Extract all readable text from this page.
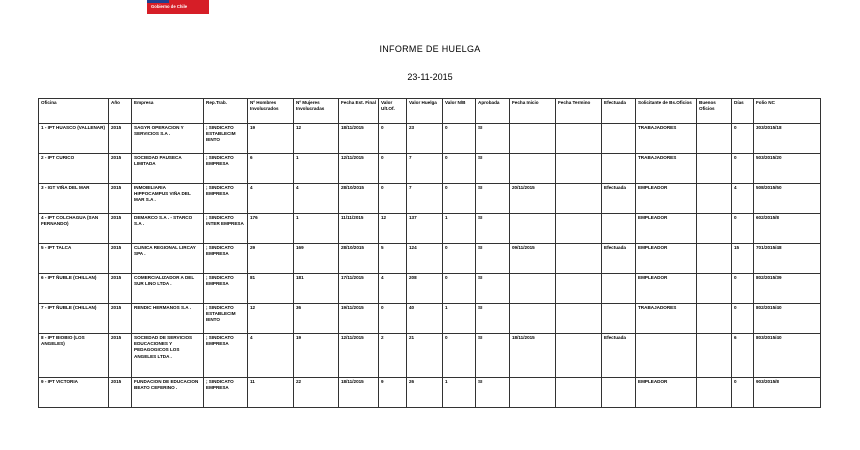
Gobierno de Chile
INFORME DE HUELGA
23-11-2015
Oficina	Año	Empresa	Rep.Trab.	Nº Hombres Involucrados	Nº Mujeres Involucradas	Fecha Est. Final	Valor Ult.Of.	Valor Huelga	Valor N/B	Aprobada	Fecha Inicio	Fecha Termino	Efectuada	Solicitante de Bs.Oficios	Buenos Oficios	Días	Folio NC
1 - IPT HUASCO (VALLENAR)	2015	SAGYR OPERACION Y SERVICIOS S.A .	; SINDICATO ESTABLECIM IENTO	19	12	18/11/2015	0	23	0	SI				TRABAJADORES		0	303/2015/18
2 - IPT CURICO	2015	SOCIEDAD PAUSECA LIMITADA	; SINDICATO EMPRESA	6	1	12/11/2015	0	7	0	SI				TRABAJADORES		0	503/2015/20
3 - IGT VIÑA DEL MAR	2015	INMOBILIARIA HIPPOCAMPUS VIÑA DEL MAR S.A .	; SINDICATO EMPRESA	4	4	28/10/2015	0	7	0	SI	20/11/2015		Efectuada	EMPLEADOR		4	508/2015/50
4 - IPT COLCHAGUA (SAN FERNANDO)	2015	DEMARCO S.A . - STARCO S.A .	; SINDICATO INTER EMPRESA	176	1	11/11/2015	12	137	1	SI				EMPLEADOR		0	602/2015/8
5 - IPT TALCA	2015	CLINICA REGIONAL LIRCAY SPA .	; SINDICATO EMPRESA	29	169	28/10/2015	5	124	0	SI	09/11/2015		Efectuada	EMPLEADOR		15	701/2015/48
6 - IPT ÑUBLE (CHILLAN)	2015	COMERCIALIZADOR A DEL SUR LINO LTDA .	; SINDICATO EMPRESA	81	181	17/11/2015	4	208	0	SI				EMPLEADOR		0	802/2015/39
7 - IPT ÑUBLE (CHILLAN)	2015	RENDIC HERMANOS S.A .	; SINDICATO ESTABLECIM IENTO	12	36	19/11/2015	0	40	1	SI				TRABAJADORES		0	802/2015/40
8 - IPT BIOBIO (LOS ANGELES)	2015	SOCIEDAD DE SERVICIOS EDUCACIONES Y PEDAGOGICOS LOS ANGELES LTDA .	; SINDICATO EMPRESA	4	19	12/11/2015	2	21	0	SI	18/11/2015		Efectuada			6	803/2015/40
9 - IPT VICTORIA	2015	FUNDACION DE EDUCACION BEATO CEFERINO .	; SINDICATO EMPRESA	11	22	18/11/2015	9	26	1	SI				EMPLEADOR		0	903/2015/8
